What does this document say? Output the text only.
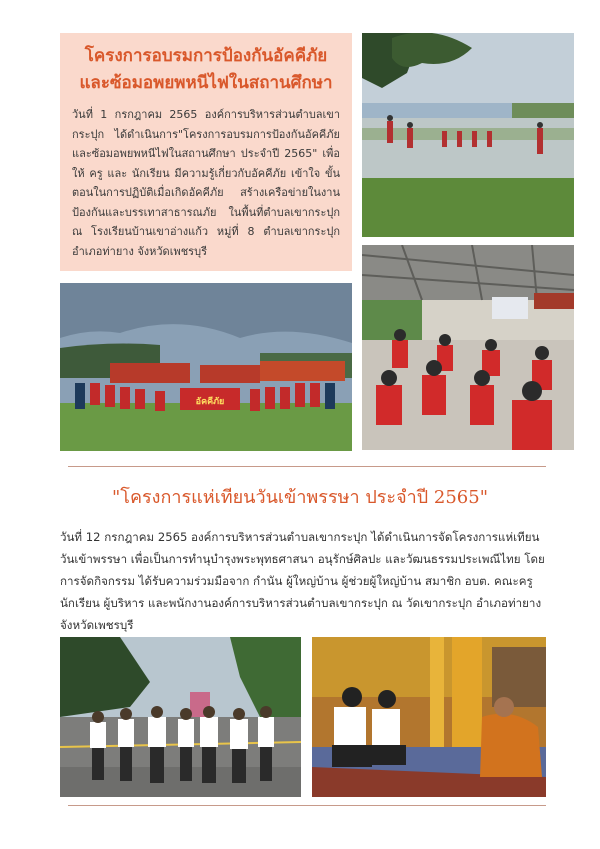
โครงการอบรมการป้องกันอัคคีภัยและซ้อมอพยพหนีไฟในสถานศึกษา
วันที่ 1 กรกฎาคม 2565 องค์การบริหารส่วนตำบลเขากระปุก ได้ดำเนินการ"โครงการอบรมการป้องกันอัคคีภัยและซ้อมอพยพหนีไฟในสถานศึกษา ประจำปี 2565" เพื่อให้ ครู และ นักเรียน มีความรู้เกี่ยวกับอัคคีภัย เข้าใจ ขั้นตอนในการปฏิบัติเมื่อเกิดอัคคีภัย สร้างเครือข่ายในงานป้องกันและบรรเทาสาธารณภัย ในพื้นที่ตำบลเขากระปุก ณ โรงเรียนบ้านเขาอ่างแก้ว หมู่ที่ 8 ตำบลเขากระปุก อำเภอท่ายาง จังหวัดเพชรบุรี
อัคคีภัย
"โครงการแห่เทียนวันเข้าพรรษา ประจำปี 2565"
วันที่ 12 กรกฎาคม 2565 องค์การบริหารส่วนตำบลเขากระปุก ได้ดำเนินการจัดโครงการแห่เทียนวันเข้าพรรษา เพื่อเป็นการทำนุบำรุงพระพุทธศาสนา อนุรักษ์ศิลปะ และวัฒนธรรมประเพณีไทย โดยการจัดกิจกรรม ได้รับความร่วมมือจาก กำนัน ผู้ใหญ่บ้าน ผู้ช่วยผู้ใหญ่บ้าน สมาชิก อบต. คณะครู นักเรียน ผู้บริหาร และพนักงานองค์การบริหารส่วนตำบลเขากระปุก ณ วัดเขากระปุก อำเภอท่ายาง จังหวัดเพชรบุรี
